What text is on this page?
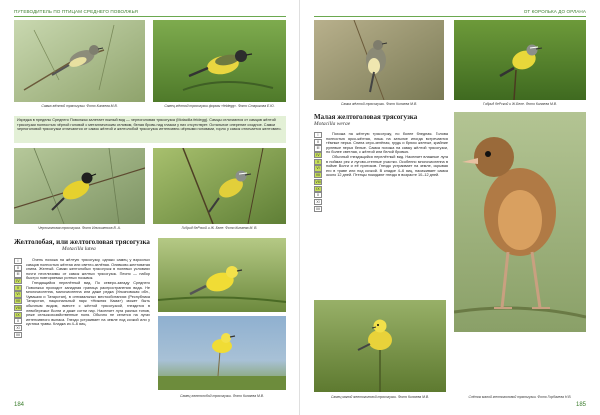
ПУТЕВОДИТЕЛЬ ПО ПТИЦАМ СРЕДНЕГО ПОВОЛЖЬЯ
Самка жёлтой трясогузки. Фото Кипаева М.В.	Самец жёлтой трясогузки формы «feldegg». Фото Старикова Е.Ю.

Изредка в пределы Среднего Поволжья залетает южный вид — черноголовая трясогузка (Motacilla feldegg). Самцы отличаются от самцов жёлтой трясогузки полностью чёрной головой с металлическим отливом, белая бровь над глазом у них отсутствует. Остальное оперение сходное. Самки черноголовой трясогузки отличаются от самок жёлтой и желтолобой трясогузок интенсивно-чёрными головами, горло у самок отличается желтовато.

Черноголовая трясогузка. Фото Ильюшенков В. А.	Гибрид беРской и Ж. Беле. Фото Кипаева М. В.
Желтолобая, или желтоголовая трясогузка
Motacilla lutea
I
II
III
IV
V
VI
VII
VIII
IX
X
XI
XII

Очень похожа на жёлтую трясогузку, однако самец у взрослых самцов полностью жёлтая или светло-зелёная. Оливково-желтоватая спина. Желтый. Самки желтолобых трясогузок в полевых условиях почти неотличимы от самок желтых трясогузок. Песня — набор быстро повторяемых ротных позывок.

Гнездящийся перелётный вид. По северо-западу Среднего Поволжья проходит западная граница распространения вида. Не многочисленна, малочисленна или даже редка (Ульяновская обл., Чувашия и Татарстан), в оптимальных местообитаниях (Республика Татарстан, национальный парк «Нижняя Кама») может быть обычным видом, вместе с жёлтой трясогузкой, гнездится в левобережье Волги и даже сотни пар. Населяет луга разных типов, реже сельскохозяйственные поля. Обычно не селится на лугах интенсивного выпаса. Гнездо устраивает на земле под кочкой или у кустика травы. Кладка из 4–6 яиц.

Самец желтолобой трясогузки. Фото Кипаева М.В.
184
ОТ КОРОЛЬКА ДО ОРЛАНА
Самка жёлтой трясогузки. Фото Кипаева М.В.	Гибрид беРской и Ж.Беле. Фото Кипаева М.В.
Малая желтоголовая трясогузка
Motacilla werae
I
II
III
IV
V
VI
VII
VIII
IX
X
XI
XII

Похожа на жёлтую трясогузку, но более бледная. Голова полностью ярко-жёлтая, лишь на затылке иногда встречаются тёмные перья. Спина серо-зелёная, грудь и брюхо желтые, крайние рулевые перья белые. Самка похожа на самку жёлтой трясогузки, но более светлая, с жёлтой или белой бровью.

Обычный гнездящийся перелётный вид. Населяет влажные луга в поймах рек и лугово-степные участки. Особенно многочисленна в пойме Волги и её притоков. Гнездо устраивает на земле, скрывая его в траве или под кочкой. В кладке 4–6 яиц, насиживает самка около 12 дней. Птенцы покидают гнездо в возрасте 10–12 дней.

Самец малой желтоголовой трясогузки. Фото Кипаева М.В.	Слёток малой желтоголовой трясогузки. Фото Горбачева Н.В.
185
